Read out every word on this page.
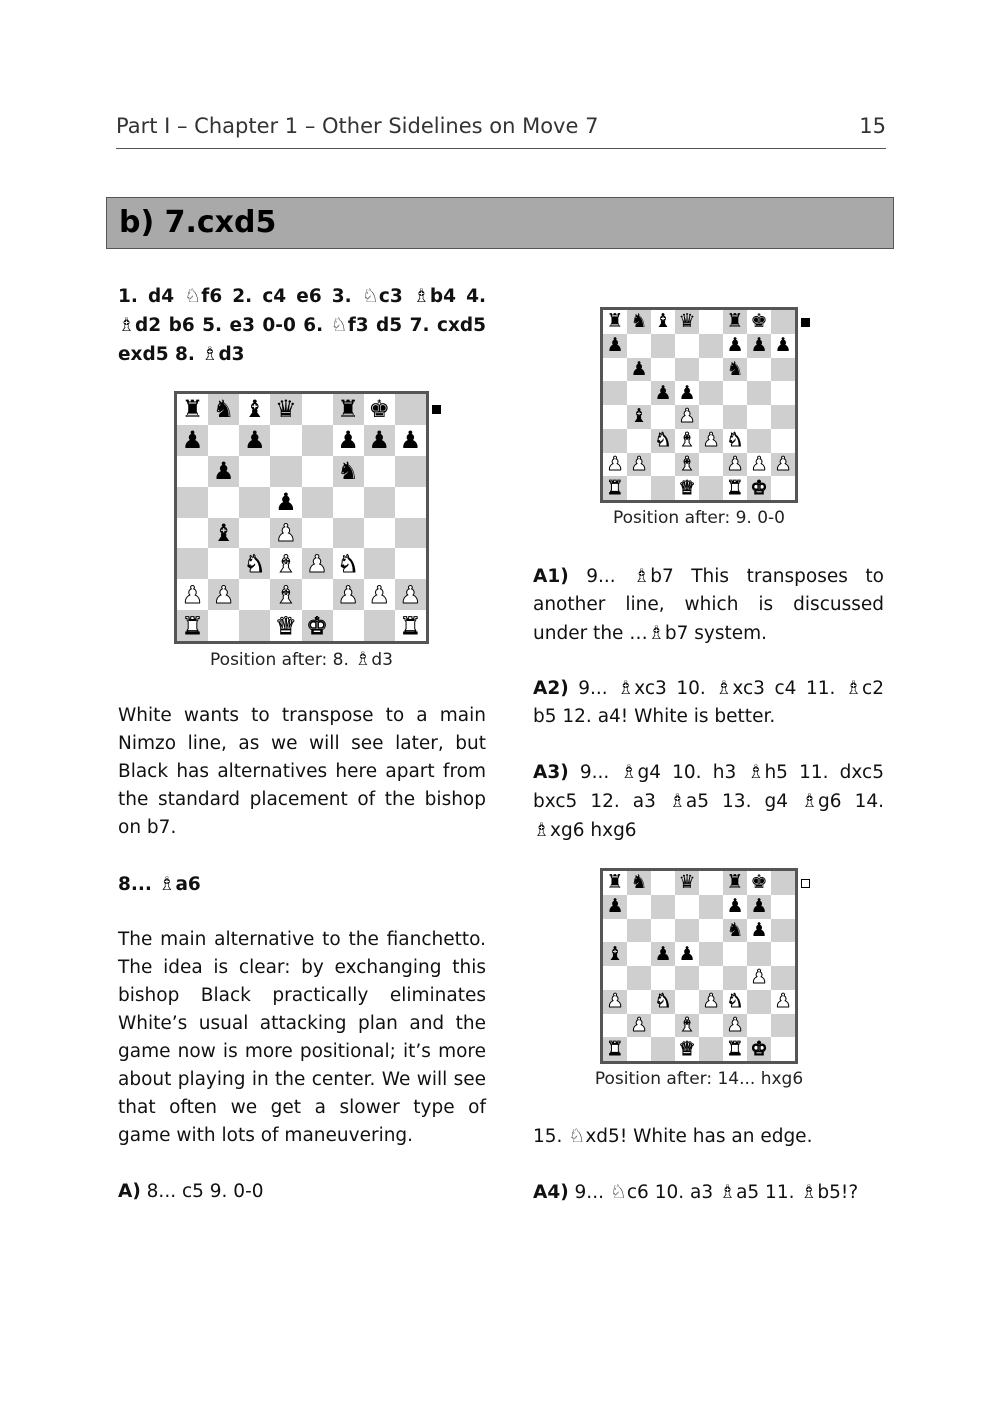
Part I – Chapter 1 – Other Sidelines on Move 7	15
b) 7.cxd5
1. d4 ♘f6 2. c4 e6 3. ♘c3 ♗b4 4. ♗d2 b6 5. e3 0-0 6. ♘f3 d5 7. cxd5 exd5 8. ♗d3
♜ ♞ ♝ ♛ ♜ ♚
♟ ♟	♟ ♟ ♟
♟	♞
♟
♝ ♟
♞ ♝ ♟ ♞
♟ ♟ ♝ ♟ ♟ ♟
♜	♛ ♚	♜
Position after: 8. ♗d3
White wants to transpose to a main Nimzo line, as we will see later, but Black has alternatives here apart from the standard placement of the bishop on b7.
8... ♗a6
The main alternative to the fianchetto. The idea is clear: by exchanging this bishop Black practically eliminates White’s usual attacking plan and the game now is more positional; it’s more about playing in the center. We will see that often we get a slower type of game with lots of maneuvering.
A) 8... c5 9. 0-0
♜ ♞ ♝ ♛ ♜ ♚
♟	♟ ♟ ♟
♟	♞
♟ ♟
♝ ♟
♞ ♝ ♟ ♞
♟ ♟ ♝ ♟ ♟ ♟
♜	♛ ♜ ♚
Position after: 9. 0-0
A1) 9... ♗b7 This transposes to another line, which is discussed under the …♗b7 system.
A2) 9... ♗xc3 10. ♗xc3 c4 11. ♗c2 b5 12. a4! White is better.
A3) 9... ♗g4 10. h3 ♗h5 11. dxc5 bxc5 12. a3 ♗a5 13. g4 ♗g6 14. ♗xg6 hxg6
♜ ♞ ♛ ♜ ♚
♟	♟ ♟
♞ ♟
♝ ♟ ♟
♟
♟ ♞ ♟ ♞ ♟
♟ ♝ ♟
♜	♛ ♜ ♚
Position after: 14... hxg6
15. ♘xd5! White has an edge.
A4) 9... ♘c6 10. a3 ♗a5 11. ♗b5!?
